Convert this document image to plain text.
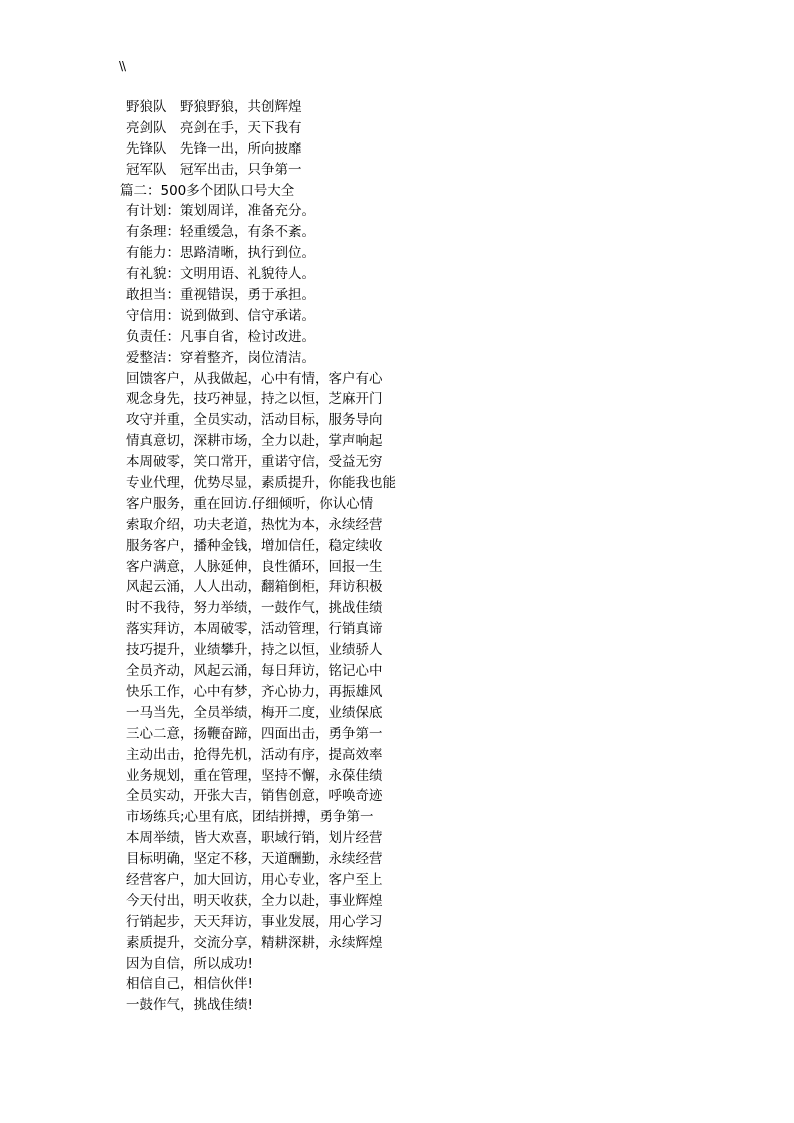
\\
野狼队　野狼野狼，共创辉煌
亮剑队　亮剑在手，天下我有
先锋队　先锋一出，所向披靡
冠军队　冠军出击，只争第一
篇二：500多个团队口号大全
有计划：策划周详，准备充分。
有条理：轻重缓急，有条不紊。
有能力：思路清晰，执行到位。
有礼貌：文明用语、礼貌待人。
敢担当：重视错误，勇于承担。
守信用：说到做到、信守承诺。
负责任：凡事自省，检讨改进。
爱整洁：穿着整齐，岗位清洁。
回馈客户，从我做起，心中有情，客户有心
观念身先，技巧神显，持之以恒，芝麻开门
攻守并重，全员实动，活动目标，服务导向
情真意切，深耕市场，全力以赴，掌声响起
本周破零，笑口常开，重诺守信，受益无穷
专业代理，优势尽显，素质提升，你能我也能
客户服务，重在回访.仔细倾听，你认心情
索取介绍，功夫老道，热忱为本，永续经营
服务客户，播种金钱，增加信任，稳定续收
客户满意，人脉延伸，良性循环，回报一生
风起云涌，人人出动，翻箱倒柜，拜访积极
时不我待，努力举绩，一鼓作气，挑战佳绩
落实拜访，本周破零，活动管理，行销真谛
技巧提升，业绩攀升，持之以恒，业绩骄人
全员齐动，风起云涌，每日拜访，铭记心中
快乐工作，心中有梦，齐心协力，再振雄风
一马当先，全员举绩，梅开二度，业绩保底
三心二意，扬鞭奋蹄，四面出击，勇争第一
主动出击，抢得先机，活动有序，提高效率
业务规划，重在管理，坚持不懈，永葆佳绩
全员实动，开张大吉，销售创意，呼唤奇迹
市场练兵;心里有底，团结拼搏，勇争第一
本周举绩，皆大欢喜，职域行销，划片经营
目标明确，坚定不移，天道酬勤，永续经营
经营客户，加大回访，用心专业，客户至上
今天付出，明天收获，全力以赴，事业辉煌
行销起步，天天拜访，事业发展，用心学习
素质提升，交流分享，精耕深耕，永续辉煌
因为自信，所以成功!
相信自己，相信伙伴!
一鼓作气，挑战佳绩!
